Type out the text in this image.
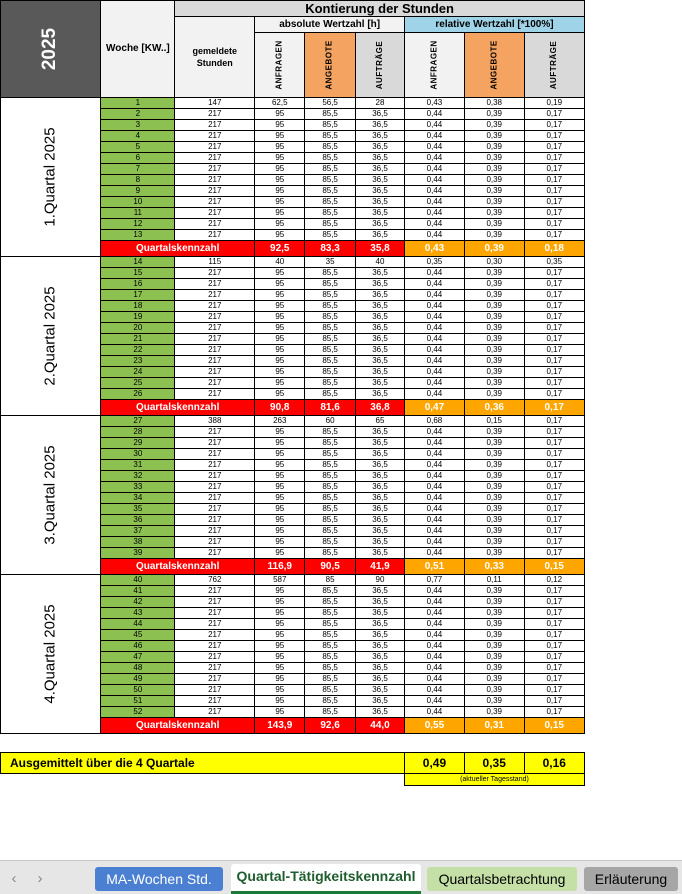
2025	Woche [KW..]	Kontierung der Stunden							
		gemeldete Stunden	absolute Wertzahl [h]			relative Wertzahl [*100%]			
			ANFRAGEN	ANGEBOTE	AUFTRÄGE	ANFRAGEN	ANGEBOTE	AUFTRÄGE	
1.Quartal 2025	1	147	62,5	56,5	28	0,43	0,38	0,19	
	2	217	95	85,5	36,5	0,44	0,39	0,17	
	3	217	95	85,5	36,5	0,44	0,39	0,17	
	4	217	95	85,5	36,5	0,44	0,39	0,17	
	5	217	95	85,5	36,5	0,44	0,39	0,17	
	6	217	95	85,5	36,5	0,44	0,39	0,17	
	7	217	95	85,5	36,5	0,44	0,39	0,17	
	8	217	95	85,5	36,5	0,44	0,39	0,17	
	9	217	95	85,5	36,5	0,44	0,39	0,17	
	10	217	95	85,5	36,5	0,44	0,39	0,17	
	11	217	95	85,5	36,5	0,44	0,39	0,17	
	12	217	95	85,5	36,5	0,44	0,39	0,17	
	13	217	95	85,5	36,5	0,44	0,39	0,17	
	Quartalskennzahl		92,5	83,3	35,8	0,43	0,39	0,18	
2.Quartal 2025	14	115	40	35	40	0,35	0,30	0,35	
	15	217	95	85,5	36,5	0,44	0,39	0,17	
	16	217	95	85,5	36,5	0,44	0,39	0,17	
	17	217	95	85,5	36,5	0,44	0,39	0,17	
	18	217	95	85,5	36,5	0,44	0,39	0,17	
	19	217	95	85,5	36,5	0,44	0,39	0,17	
	20	217	95	85,5	36,5	0,44	0,39	0,17	
	21	217	95	85,5	36,5	0,44	0,39	0,17	
	22	217	95	85,5	36,5	0,44	0,39	0,17	
	23	217	95	85,5	36,5	0,44	0,39	0,17	
	24	217	95	85,5	36,5	0,44	0,39	0,17	
	25	217	95	85,5	36,5	0,44	0,39	0,17	
	26	217	95	85,5	36,5	0,44	0,39	0,17	
	Quartalskennzahl		90,8	81,6	36,8	0,47	0,36	0,17	
3.Quartal 2025	27	388	263	60	65	0,68	0,15	0,17	
	28	217	95	85,5	36,5	0,44	0,39	0,17	
	29	217	95	85,5	36,5	0,44	0,39	0,17	
	30	217	95	85,5	36,5	0,44	0,39	0,17	
	31	217	95	85,5	36,5	0,44	0,39	0,17	
	32	217	95	85,5	36,5	0,44	0,39	0,17	
	33	217	95	85,5	36,5	0,44	0,39	0,17	
	34	217	95	85,5	36,5	0,44	0,39	0,17	
	35	217	95	85,5	36,5	0,44	0,39	0,17	
	36	217	95	85,5	36,5	0,44	0,39	0,17	
	37	217	95	85,5	36,5	0,44	0,39	0,17	
	38	217	95	85,5	36,5	0,44	0,39	0,17	
	39	217	95	85,5	36,5	0,44	0,39	0,17	
	Quartalskennzahl		116,9	90,5	41,9	0,51	0,33	0,15	
4.Quartal 2025	40	762	587	85	90	0,77	0,11	0,12	
	41	217	95	85,5	36,5	0,44	0,39	0,17	
	42	217	95	85,5	36,5	0,44	0,39	0,17	
	43	217	95	85,5	36,5	0,44	0,39	0,17	
	44	217	95	85,5	36,5	0,44	0,39	0,17	
	45	217	95	85,5	36,5	0,44	0,39	0,17	
	46	217	95	85,5	36,5	0,44	0,39	0,17	
	47	217	95	85,5	36,5	0,44	0,39	0,17	
	48	217	95	85,5	36,5	0,44	0,39	0,17	
	49	217	95	85,5	36,5	0,44	0,39	0,17	
	50	217	95	85,5	36,5	0,44	0,39	0,17	
	51	217	95	85,5	36,5	0,44	0,39	0,17	
	52	217	95	85,5	36,5	0,44	0,39	0,17	
	Quartalskennzahl		143,9	92,6	44,0	0,55	0,31	0,15	

Ausgemittelt über die 4 Quartale						0,49	0,35	0,16	
						(aktueller Tagesstand)			
‹	›	MA-Wochen Std.	Quartal-Tätigkeitskennzahl	Quartalsbetrachtung	Erläuterung
